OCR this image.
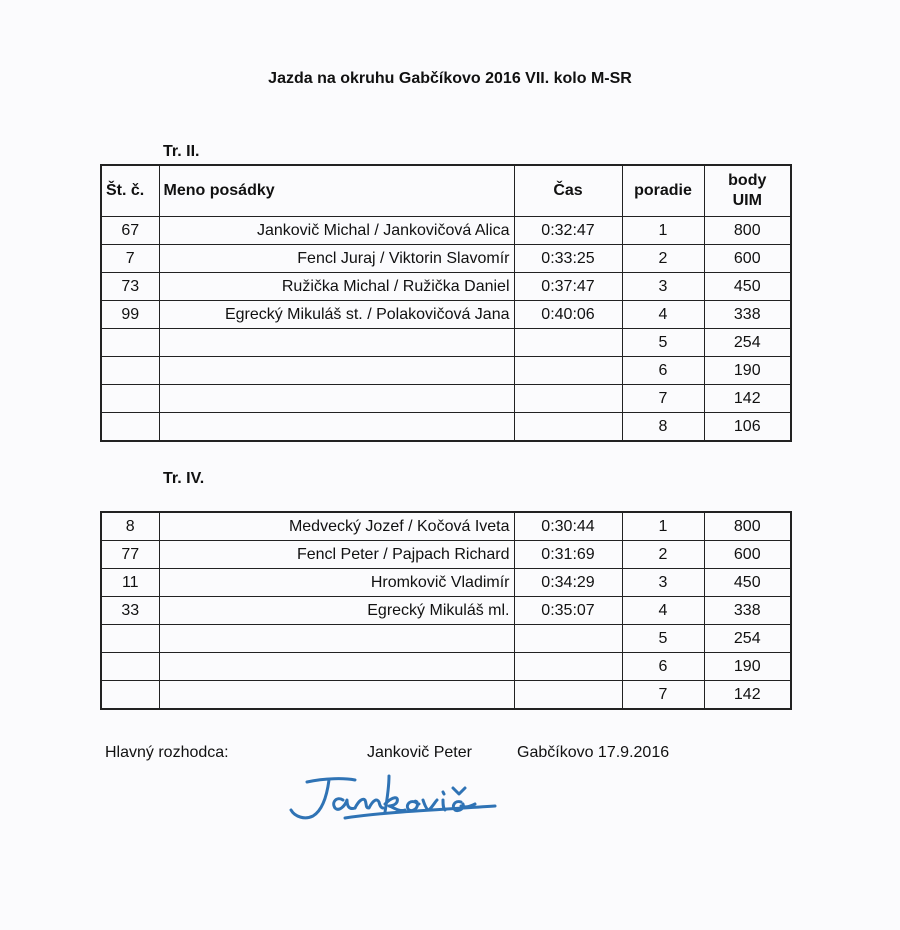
Jazda na okruhu Gabčíkovo 2016 VII. kolo M-SR
Tr. II.
Št. č.	Meno posádky	Čas	poradie	body
UIM
67	Jankovič Michal / Jankovičová Alica	0:32:47	1	800
7	Fencl Juraj / Viktorin Slavomír	0:33:25	2	600
73	Ružička Michal / Ružička Daniel	0:37:47	3	450
99	Egrecký Mikuláš st. / Polakovičová Jana	0:40:06	4	338
			5	254
			6	190
			7	142
			8	106
Tr. IV.
8	Medvecký Jozef / Kočová Iveta	0:30:44	1	800
77	Fencl Peter / Pajpach Richard	0:31:69	2	600
11	Hromkovič Vladimír	0:34:29	3	450
33	Egrecký Mikuláš ml.	0:35:07	4	338
			5	254
			6	190
			7	142
Hlavný rozhodca:	Jankovič Peter	Gabčíkovo 17.9.2016
